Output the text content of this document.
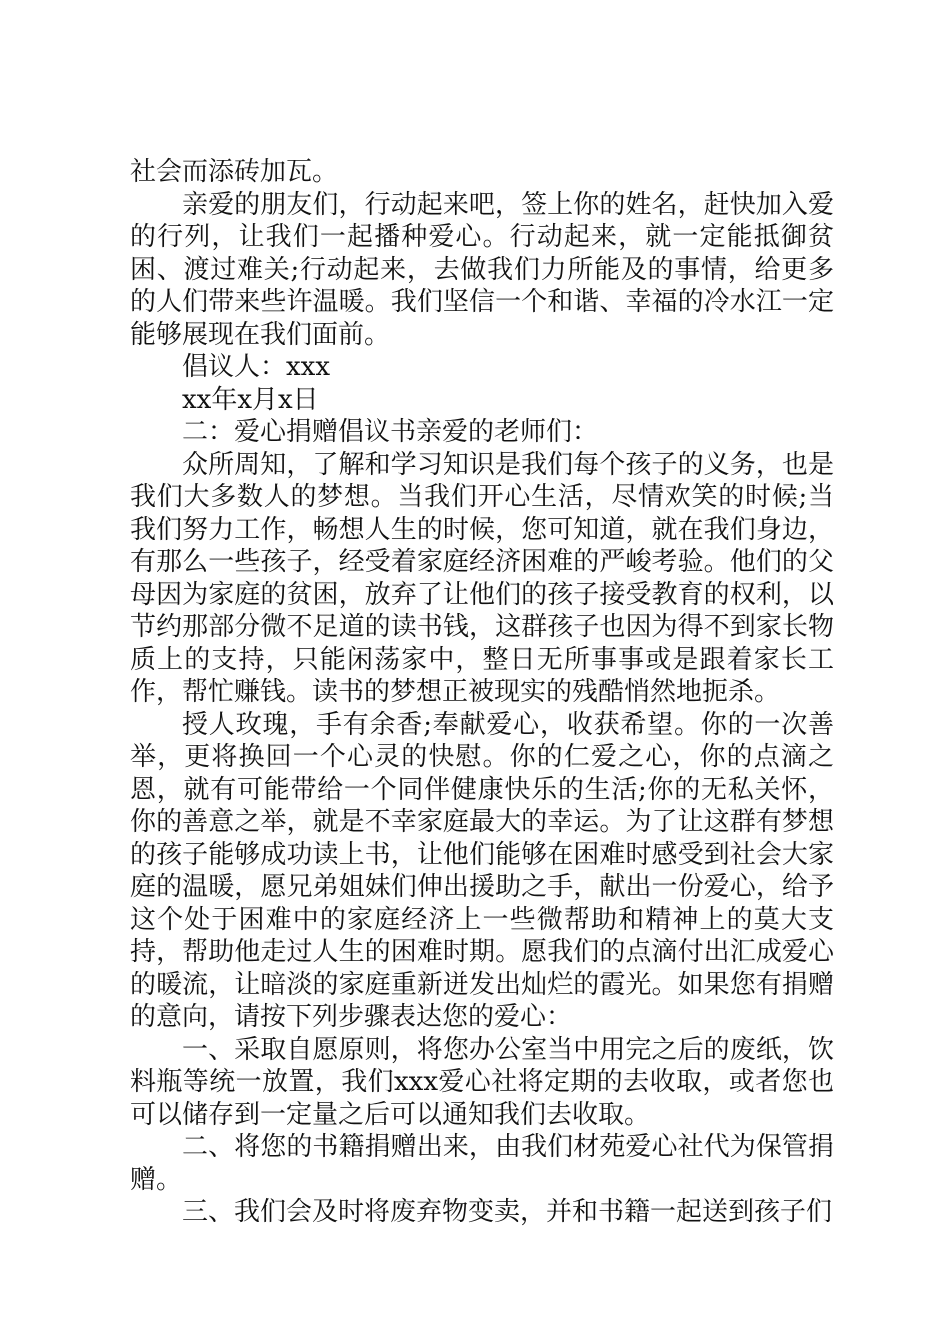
社会而添砖加瓦。

亲爱的朋友们，行动起来吧，签上你的姓名，赶快加入爱的行列，让我们一起播种爱心。行动起来，就一定能抵御贫困、渡过难关;行动起来，去做我们力所能及的事情，给更多的人们带来些许温暖。我们坚信一个和谐、幸福的冷水江一定能够展现在我们面前。

倡议人：xxx

xx年x月x日

二：爱心捐赠倡议书亲爱的老师们：

众所周知，了解和学习知识是我们每个孩子的义务，也是我们大多数人的梦想。当我们开心生活，尽情欢笑的时候;当我们努力工作，畅想人生的时候，您可知道，就在我们身边，有那么一些孩子，经受着家庭经济困难的严峻考验。他们的父母因为家庭的贫困，放弃了让他们的孩子接受教育的权利，以节约那部分微不足道的读书钱，这群孩子也因为得不到家长物质上的支持，只能闲荡家中，整日无所事事或是跟着家长工作，帮忙赚钱。读书的梦想正被现实的残酷悄然地扼杀。

授人玫瑰，手有余香;奉献爱心，收获希望。你的一次善举，更将换回一个心灵的快慰。你的仁爱之心，你的点滴之恩，就有可能带给一个同伴健康快乐的生活;你的无私关怀，你的善意之举，就是不幸家庭最大的幸运。为了让这群有梦想的孩子能够成功读上书，让他们能够在困难时感受到社会大家庭的温暖，愿兄弟姐妹们伸出援助之手，献出一份爱心，给予这个处于困难中的家庭经济上一些微帮助和精神上的莫大支持，帮助他走过人生的困难时期。愿我们的点滴付出汇成爱心的暖流，让暗淡的家庭重新迸发出灿烂的霞光。如果您有捐赠的意向，请按下列步骤表达您的爱心：

一、采取自愿原则，将您办公室当中用完之后的废纸，饮料瓶等统一放置，我们xxx爱心社将定期的去收取，或者您也可以储存到一定量之后可以通知我们去收取。

二、将您的书籍捐赠出来，由我们材苑爱心社代为保管捐赠。

三、我们会及时将废弃物变卖，并和书籍一起送到孩子们
